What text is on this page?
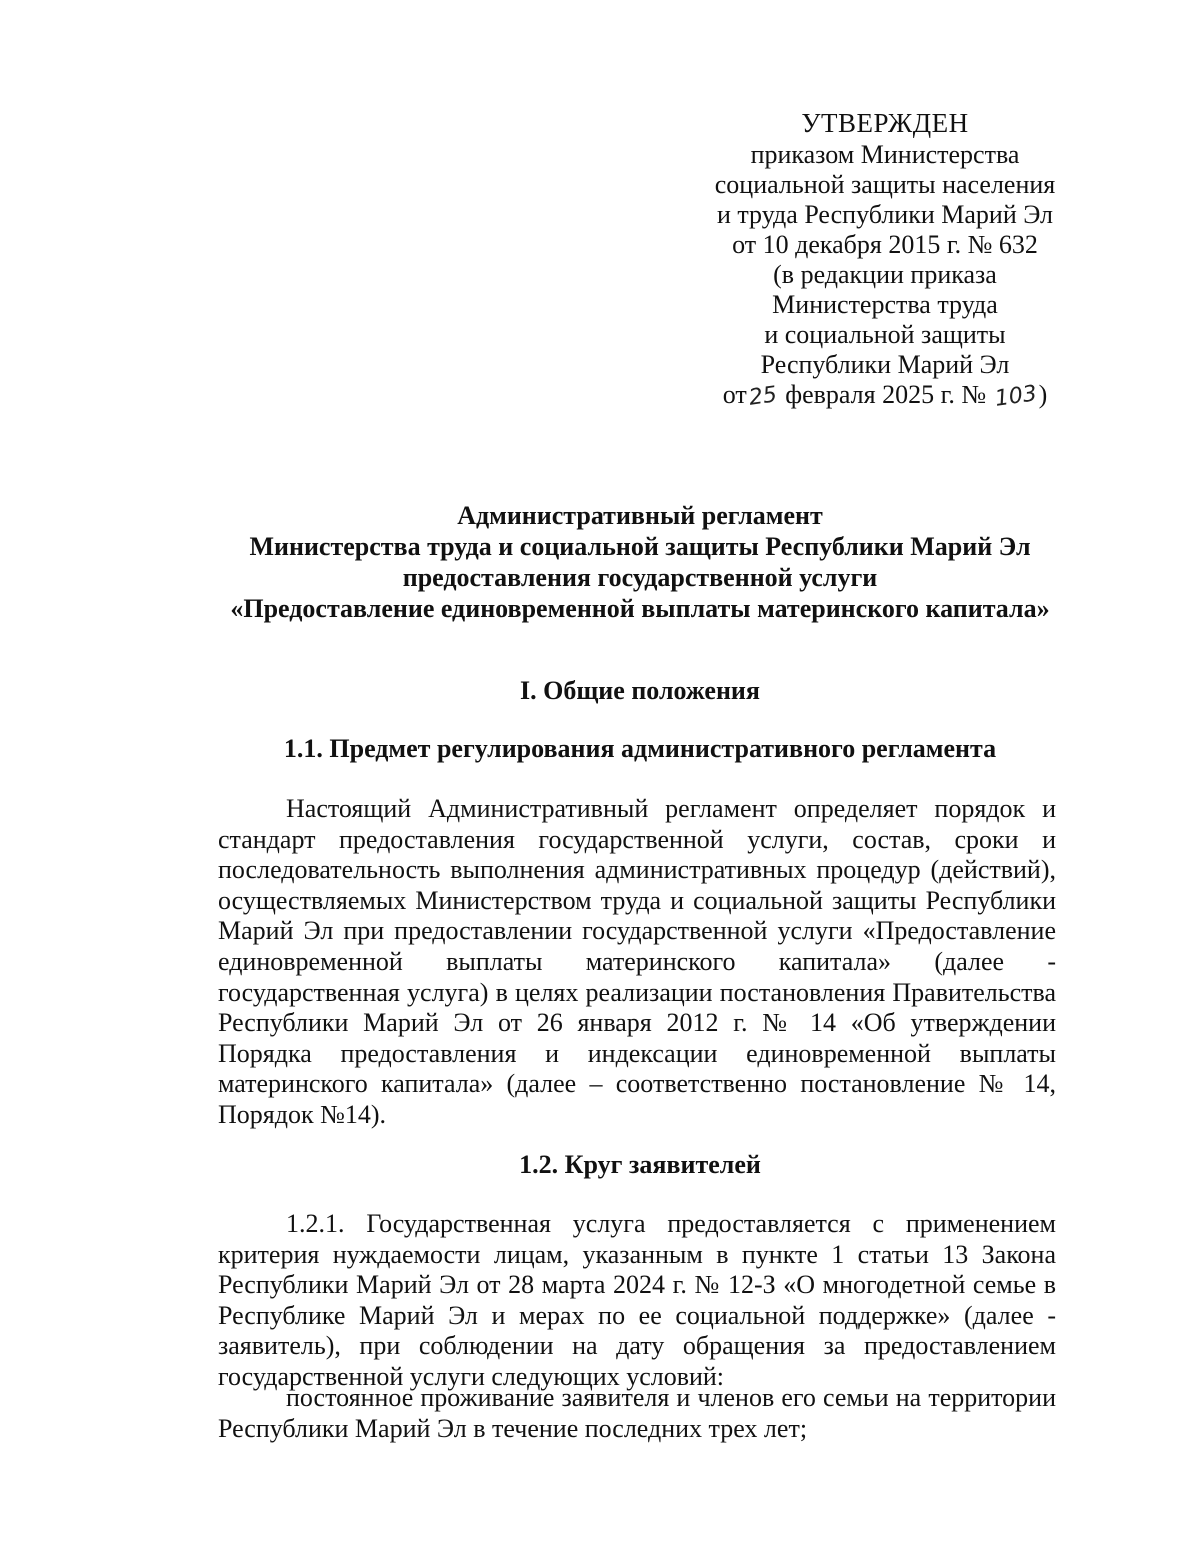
УТВЕРЖДЕН
приказом Министерства
социальной защиты населения
и труда Республики Марий Эл
от 10 декабря 2015 г. № 632
(в редакции приказа
Министерства труда
и социальной защиты
Республики Марий Эл
от25 февраля 2025 г. № 103)
Административный регламент
Министерства труда и социальной защиты Республики Марий Эл
предоставления государственной услуги
«Предоставление единовременной выплаты материнского капитала»
I. Общие положения
1.1. Предмет регулирования административного регламента
Настоящий Административный регламент определяет порядок и стандарт предоставления государственной услуги, состав, сроки и последовательность выполнения административных процедур (действий), осуществляемых Министерством труда и социальной защиты Республики Марий Эл при предоставлении государственной услуги «Предоставление единовременной выплаты материнского капитала» (далее - государственная услуга) в целях реализации постановления Правительства Республики Марий Эл от 26 января 2012 г. № 14 «Об утверждении Порядка предоставления и индексации единовременной выплаты материнского капитала» (далее – соответственно постановление № 14, Порядок №14).
1.2. Круг заявителей
1.2.1. Государственная услуга предоставляется с применением критерия нуждаемости лицам, указанным в пункте 1 статьи 13 Закона Республики Марий Эл от 28 марта 2024 г. № 12-З «О многодетной семье в Республике Марий Эл и мерах по ее социальной поддержке» (далее - заявитель), при соблюдении на дату обращения за предоставлением государственной услуги следующих условий:
постоянное проживание заявителя и членов его семьи на территории Республики Марий Эл в течение последних трех лет;
